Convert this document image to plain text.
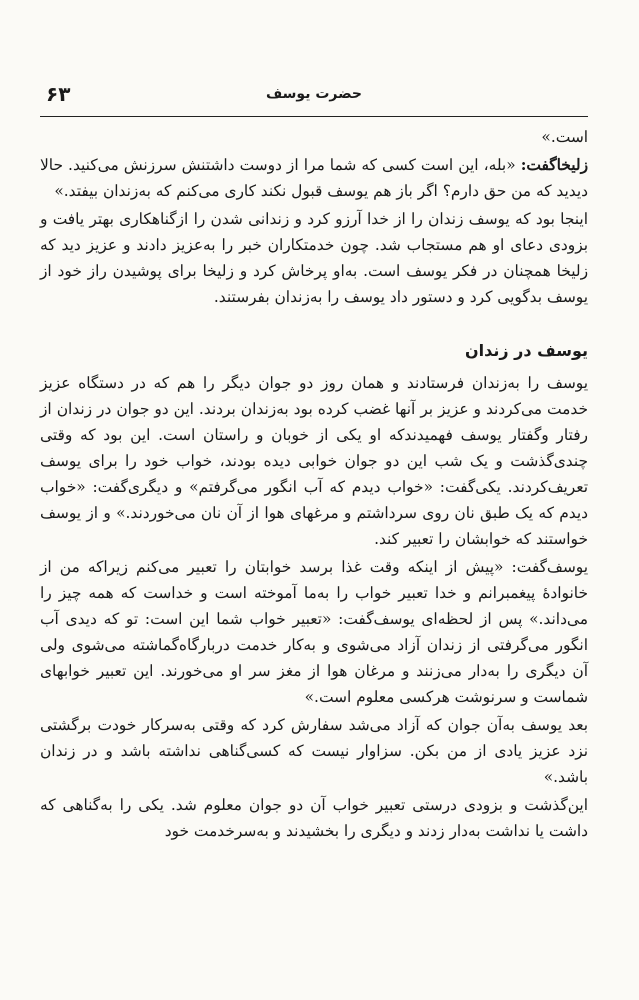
حضرت یوسف
۶۳

است.»

زلیخاگفت: «بله، این است کسی که شما مرا از دوست داشتنش سرزنش می‌کنید. حالا دیدید که من حق دارم؟ اگر باز هم یوسف قبول نکند کاری می‌کنم که به‌زندان بیفتد.»

اینجا بود که یوسف زندان را از خدا آرزو کرد و زندانی شدن را ازگناهکاری بهتر یافت و بزودی دعای او هم مستجاب شد. چون خدمتکاران خبر را به‌عزیز دادند و عزیز دید که زلیخا همچنان در فکر یوسف است. به‌او پرخاش کرد و زلیخا برای پوشیدن راز خود از یوسف بدگویی کرد و دستور داد یوسف را به‌زندان بفرستند.

یوسف در زندان

یوسف را به‌زندان فرستادند و همان روز دو جوان دیگر را هم که در دستگاه عزیز خدمت می‌کردند و عزیز بر آنها غضب کرده بود به‌زندان بردند. این دو جوان در زندان از رفتار وگفتار یوسف فهمیدندکه او یکی از خوبان و راستان است. این بود که وقتی چندی‌گذشت و یک شب این دو جوان خوابی دیده بودند، خواب خود را برای یوسف تعریف‌کردند. یکی‌گفت: «خواب دیدم که آب انگور می‌گرفتم» و دیگری‌گفت: «خواب دیدم که یک طبق نان روی سرداشتم و مرغهای هوا از آن نان می‌خوردند.» و از یوسف خواستند که خوابشان را تعبیر کند.

یوسف‌گفت: «پیش از اینکه وقت غذا برسد خوابتان را تعبیر می‌کنم زیراکه من از خانوادهٔ پیغمبرانم و خدا تعبیر خواب را به‌ما آموخته است و خداست که همه چیز را می‌داند.» پس از لحظه‌ای یوسف‌گفت: «تعبیر خواب شما این است: تو که دیدی آب انگور می‌گرفتی از زندان آزاد می‌شوی و به‌کار خدمت دربارگاه‌گماشته می‌شوی ولی آن دیگری را به‌دار می‌زنند و مرغان هوا از مغز سر او می‌خورند. این تعبیر خوابهای شماست و سرنوشت هرکسی معلوم است.»

بعد یوسف به‌آن جوان که آزاد می‌شد سفارش کرد که وقتی به‌سرکار خودت برگشتی نزد عزیز یادی از من بکن. سزاوار نیست که کسی‌گناهی نداشته باشد و در زندان باشد.»

این‌گذشت و بزودی درستی تعبیر خواب آن دو جوان معلوم شد. یکی را به‌گناهی که داشت یا نداشت به‌دار زدند و دیگری را بخشیدند و به‌سرخدمت خود
